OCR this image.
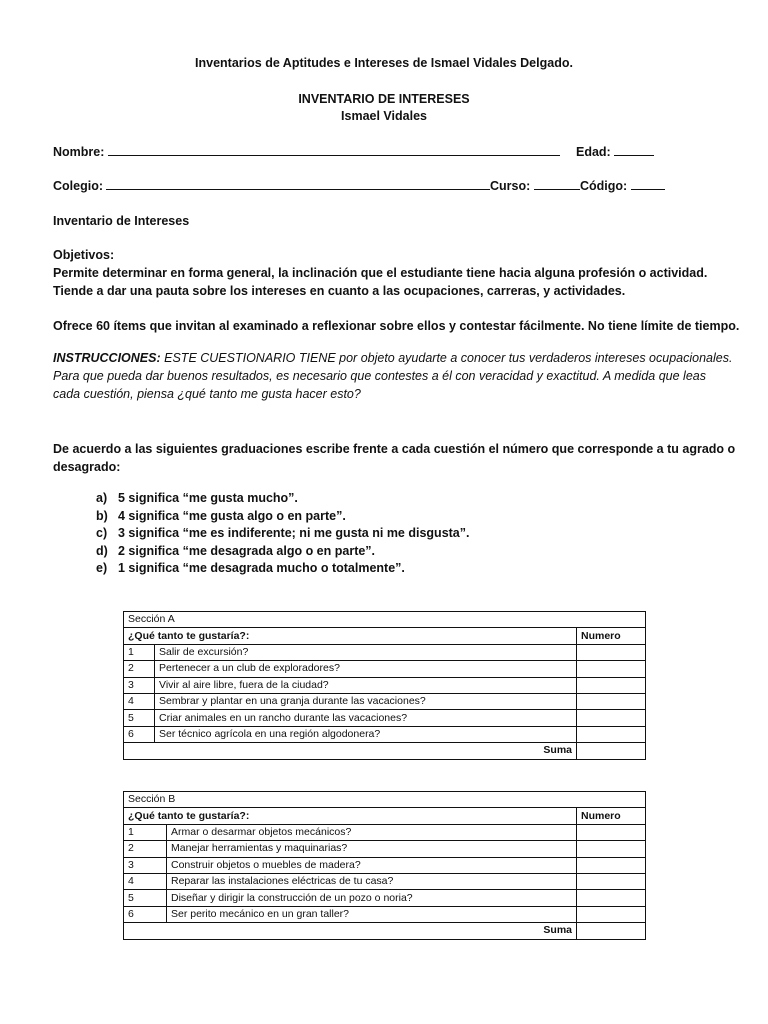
Inventarios de Aptitudes e Intereses de Ismael Vidales Delgado.
INVENTARIO DE INTERESES
Ismael Vidales
Nombre:	Edad:
Colegio:	Curso:	Código:
Inventario de Intereses
Objetivos:
Permite determinar en forma general, la inclinación que el estudiante tiene hacia alguna profesión o actividad.
Tiende a dar una pauta sobre los intereses en cuanto a las ocupaciones, carreras, y actividades.
Ofrece 60 ítems que invitan al examinado a reflexionar sobre ellos y contestar fácilmente. No tiene límite de tiempo.
INSTRUCCIONES: ESTE CUESTIONARIO TIENE por objeto ayudarte a conocer tus verdaderos intereses ocupacionales.
Para que pueda dar buenos resultados, es necesario que contestes a él con veracidad y exactitud. A medida que leas
cada cuestión, piensa ¿qué tanto me gusta hacer esto?
De acuerdo a las siguientes graduaciones escribe frente a cada cuestión el número que corresponde a tu agrado o
desagrado:
a) 5 significa “me gusta mucho”.
b) 4 significa “me gusta algo o en parte”.
c) 3 significa “me es indiferente; ni me gusta ni me disgusta”.
d) 2 significa “me desagrada algo o en parte”.
e) 1 significa “me desagrada mucho o totalmente”.
Sección A		
¿Qué tanto te gustaría?:		Numero
1	Salir de excursión?	
2	Pertenecer a un club de exploradores?	
3	Vivir al aire libre, fuera de la ciudad?	
4	Sembrar y plantar en una granja durante las vacaciones?	
5	Criar animales en un rancho durante las vacaciones?	
6	Ser técnico agrícola en una región algodonera?	
Suma		
Sección B		
¿Qué tanto te gustaría?:		Numero
1	Armar o desarmar objetos mecánicos?	
2	Manejar herramientas y maquinarias?	
3	Construir objetos o muebles de madera?	
4	Reparar las instalaciones eléctricas de tu casa?	
5	Diseñar y dirigir la construcción de un pozo o noria?	
6	Ser perito mecánico en un gran taller?	
Suma		
